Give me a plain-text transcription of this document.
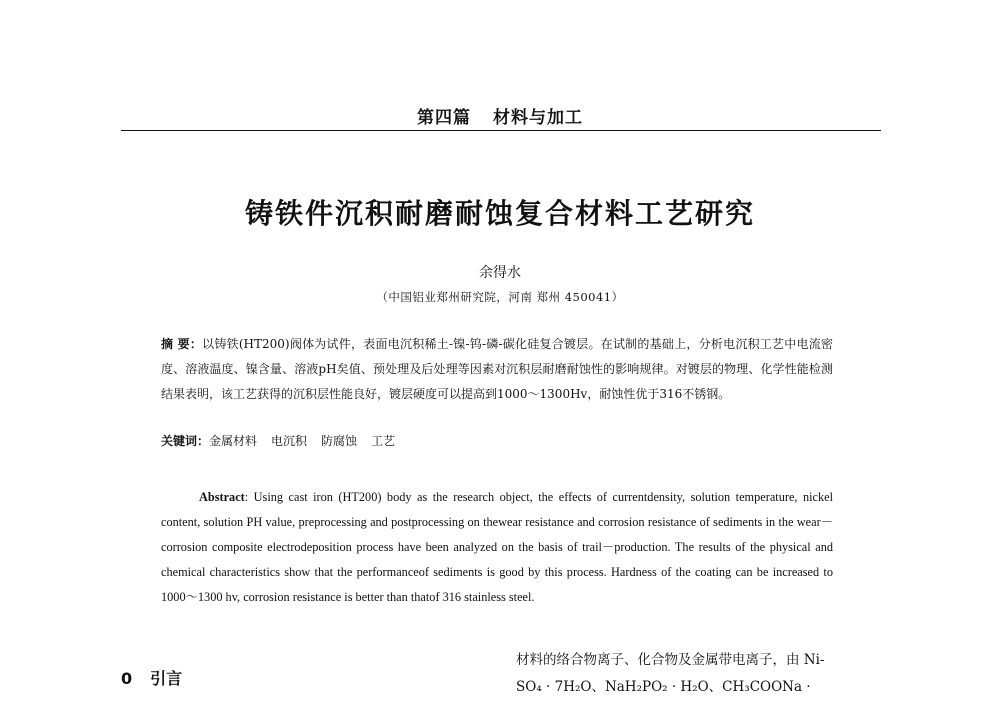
第四篇 材料与加工
铸铁件沉积耐磨耐蚀复合材料工艺研究
余得水
（中国铝业郑州研究院，河南 郑州 450041）
摘 要：以铸铁(HT200)阀体为试件，表面电沉积稀土-镍-钨-磷-碳化硅复合镀层。在试制的基础上，分析电沉积工艺中电流密度、溶液温度、镍含量、溶液pH矣值、预处理及后处理等因素对沉积层耐磨耐蚀性的影响规律。对镀层的物理、化学性能检测结果表明，该工艺获得的沉积层性能良好，镀层硬度可以提高到1000～1300Hv，耐蚀性优于316不锈钢。
关键词：金属材料 电沉积 防腐蚀 工艺
Abstract: Using cast iron (HT200) body as the research object, the effects of currentdensity, solution temperature, nickel content, solution PH value, preprocessing and postprocessing on thewear resistance and corrosion resistance of sediments in the wear－corrosion composite electrodeposition process have been analyzed on the basis of trail－production. The results of the physical and chemical characteristics show that the performanceof sediments is good by this process. Hardness of the coating can be increased to 1000～1300 hv, corrosion resistance is better than thatof 316 stainless steel.
0 引言
材料的络合物离子、化合物及金属带电离子，由 Ni-
SO₄ · 7H₂O、NaH₂PO₂ · H₂O、CH₃COONa ·
